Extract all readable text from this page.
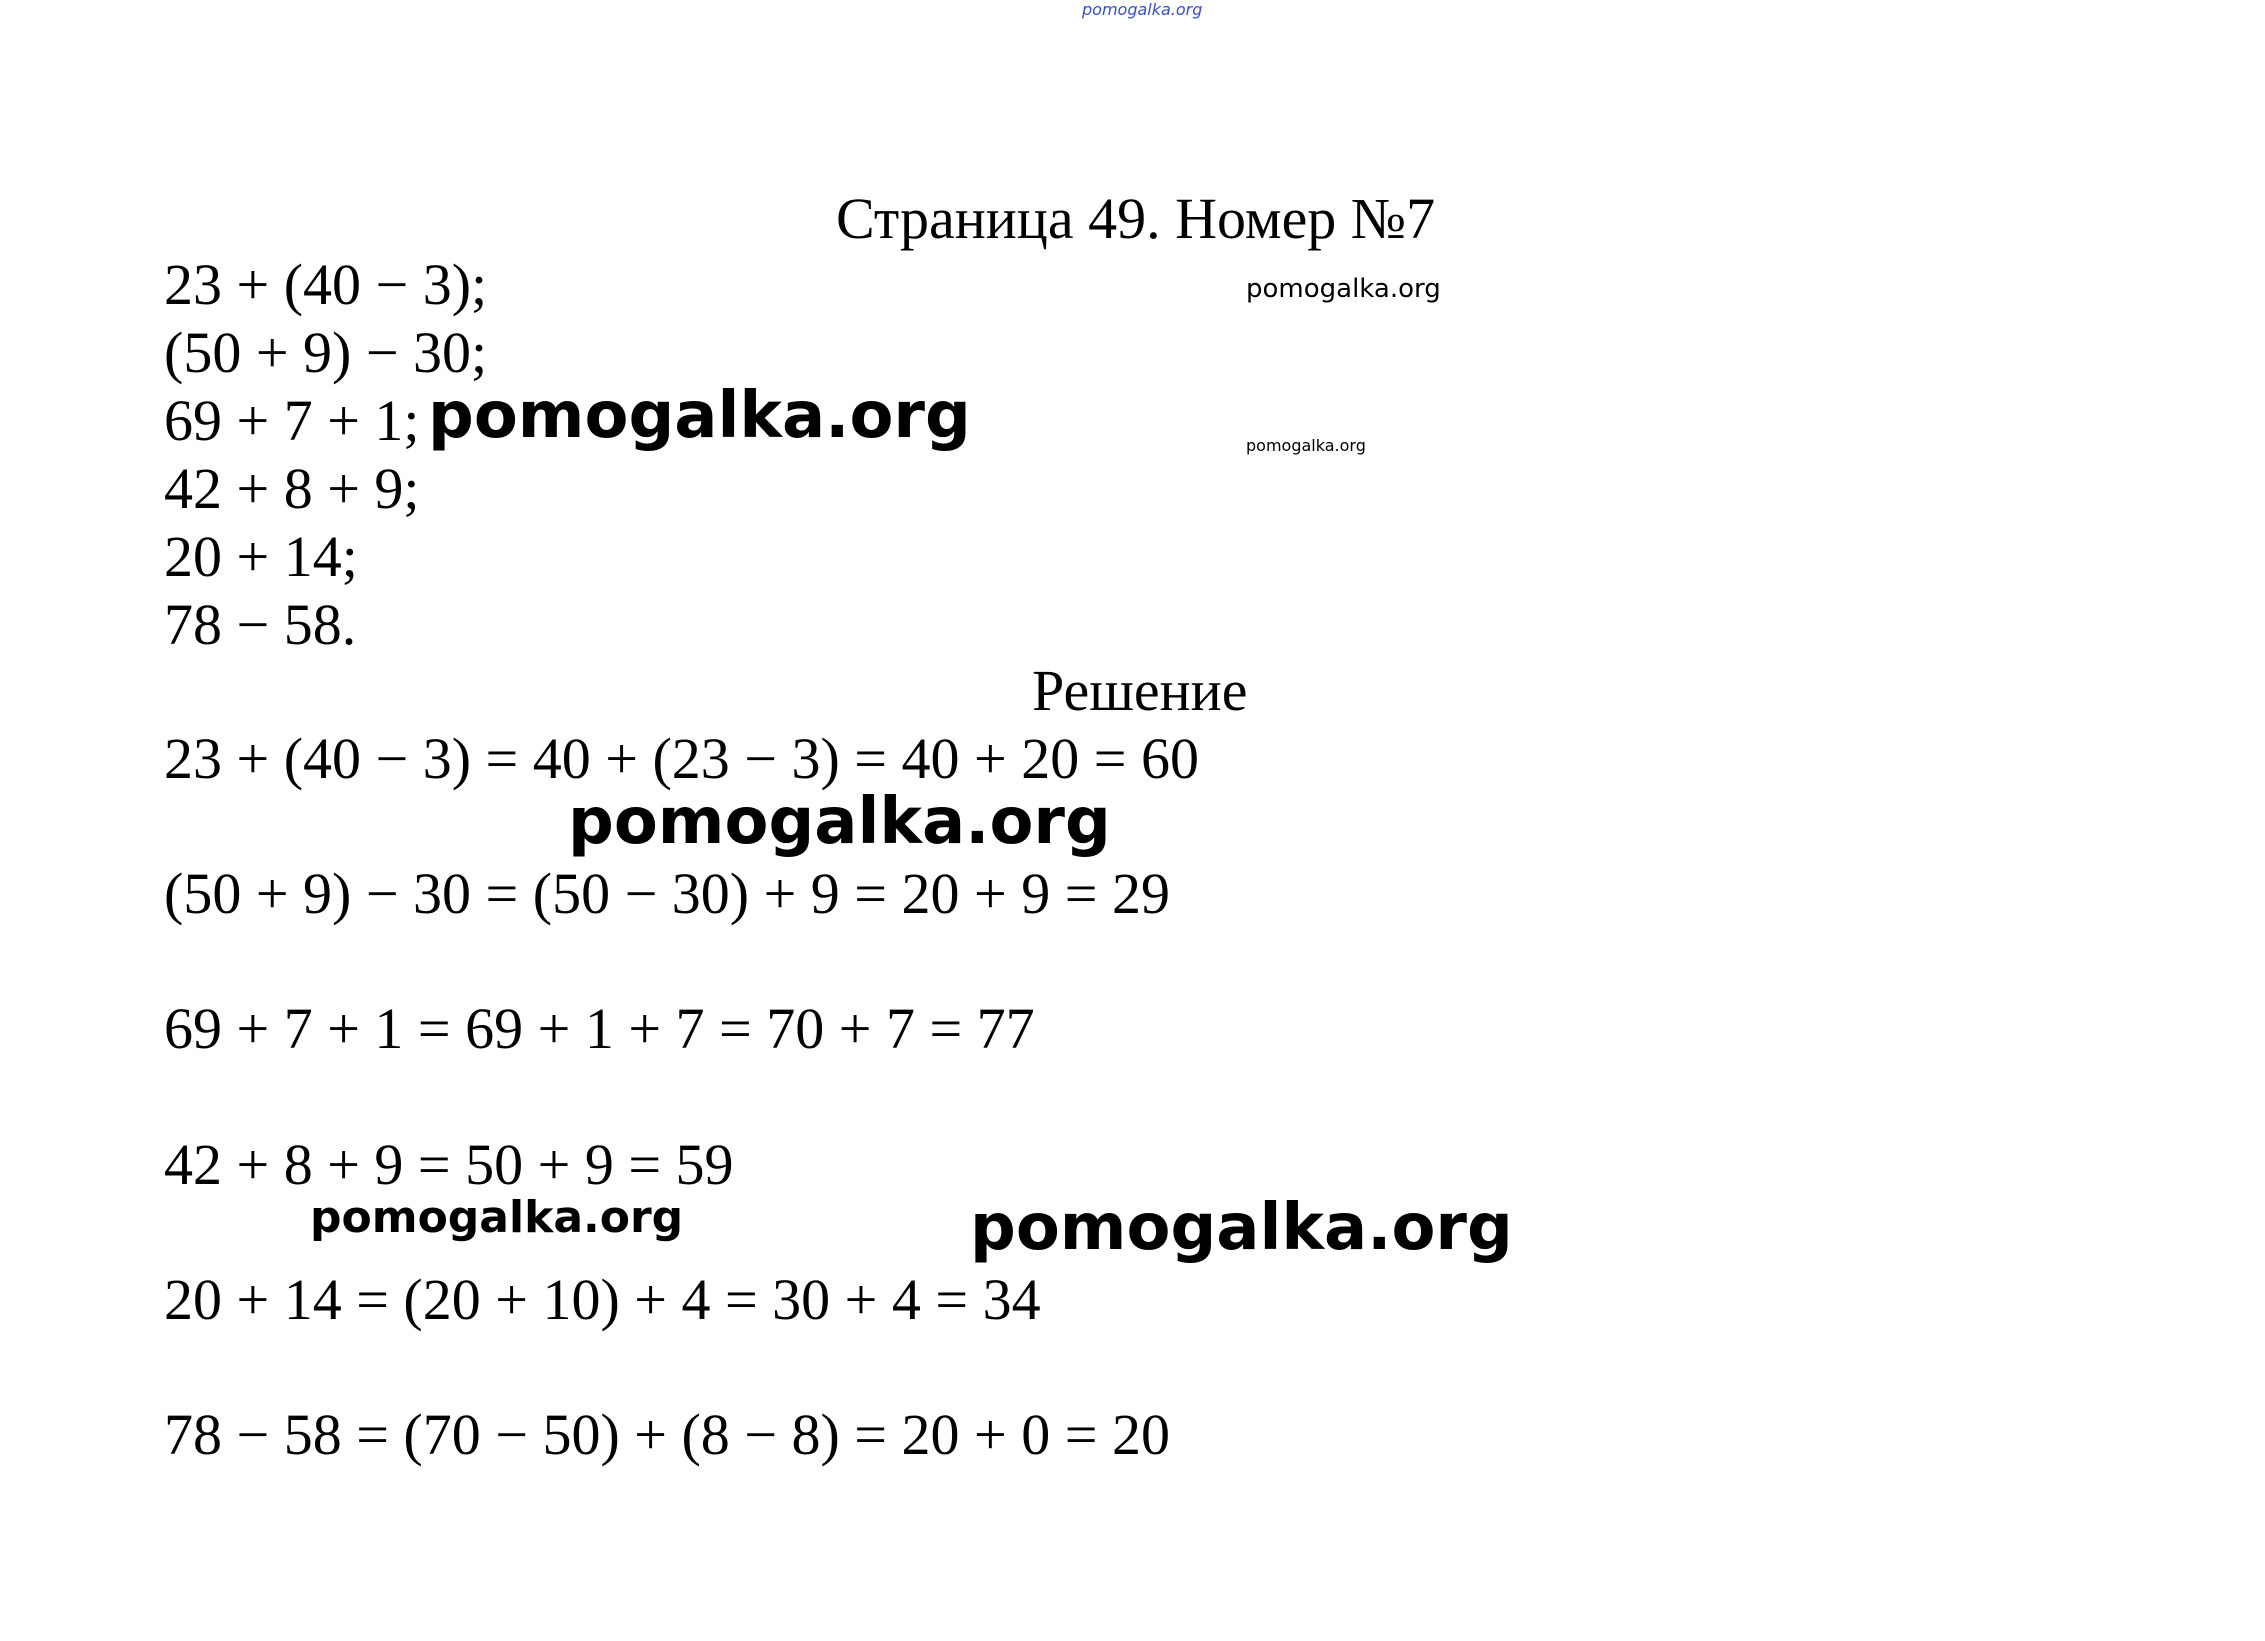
pomogalka.org
Страница 49. Номер №7
pomogalka.org
pomogalka.org
23 + (40 − 3);
(50 + 9) − 30;
69 + 7 + 1; pomogalka.org
42 + 8 + 9;
20 + 14;
78 − 58.
Решение
23 + (40 − 3) = 40 + (23 − 3) = 40 + 20 = 60
pomogalka.org
(50 + 9) − 30 = (50 − 30) + 9 = 20 + 9 = 29
69 + 7 + 1 = 69 + 1 + 7 = 70 + 7 = 77
42 + 8 + 9 = 50 + 9 = 59
pomogalka.org	pomogalka.org
20 + 14 = (20 + 10) + 4 = 30 + 4 = 34
78 − 58 = (70 − 50) + (8 − 8) = 20 + 0 = 20
